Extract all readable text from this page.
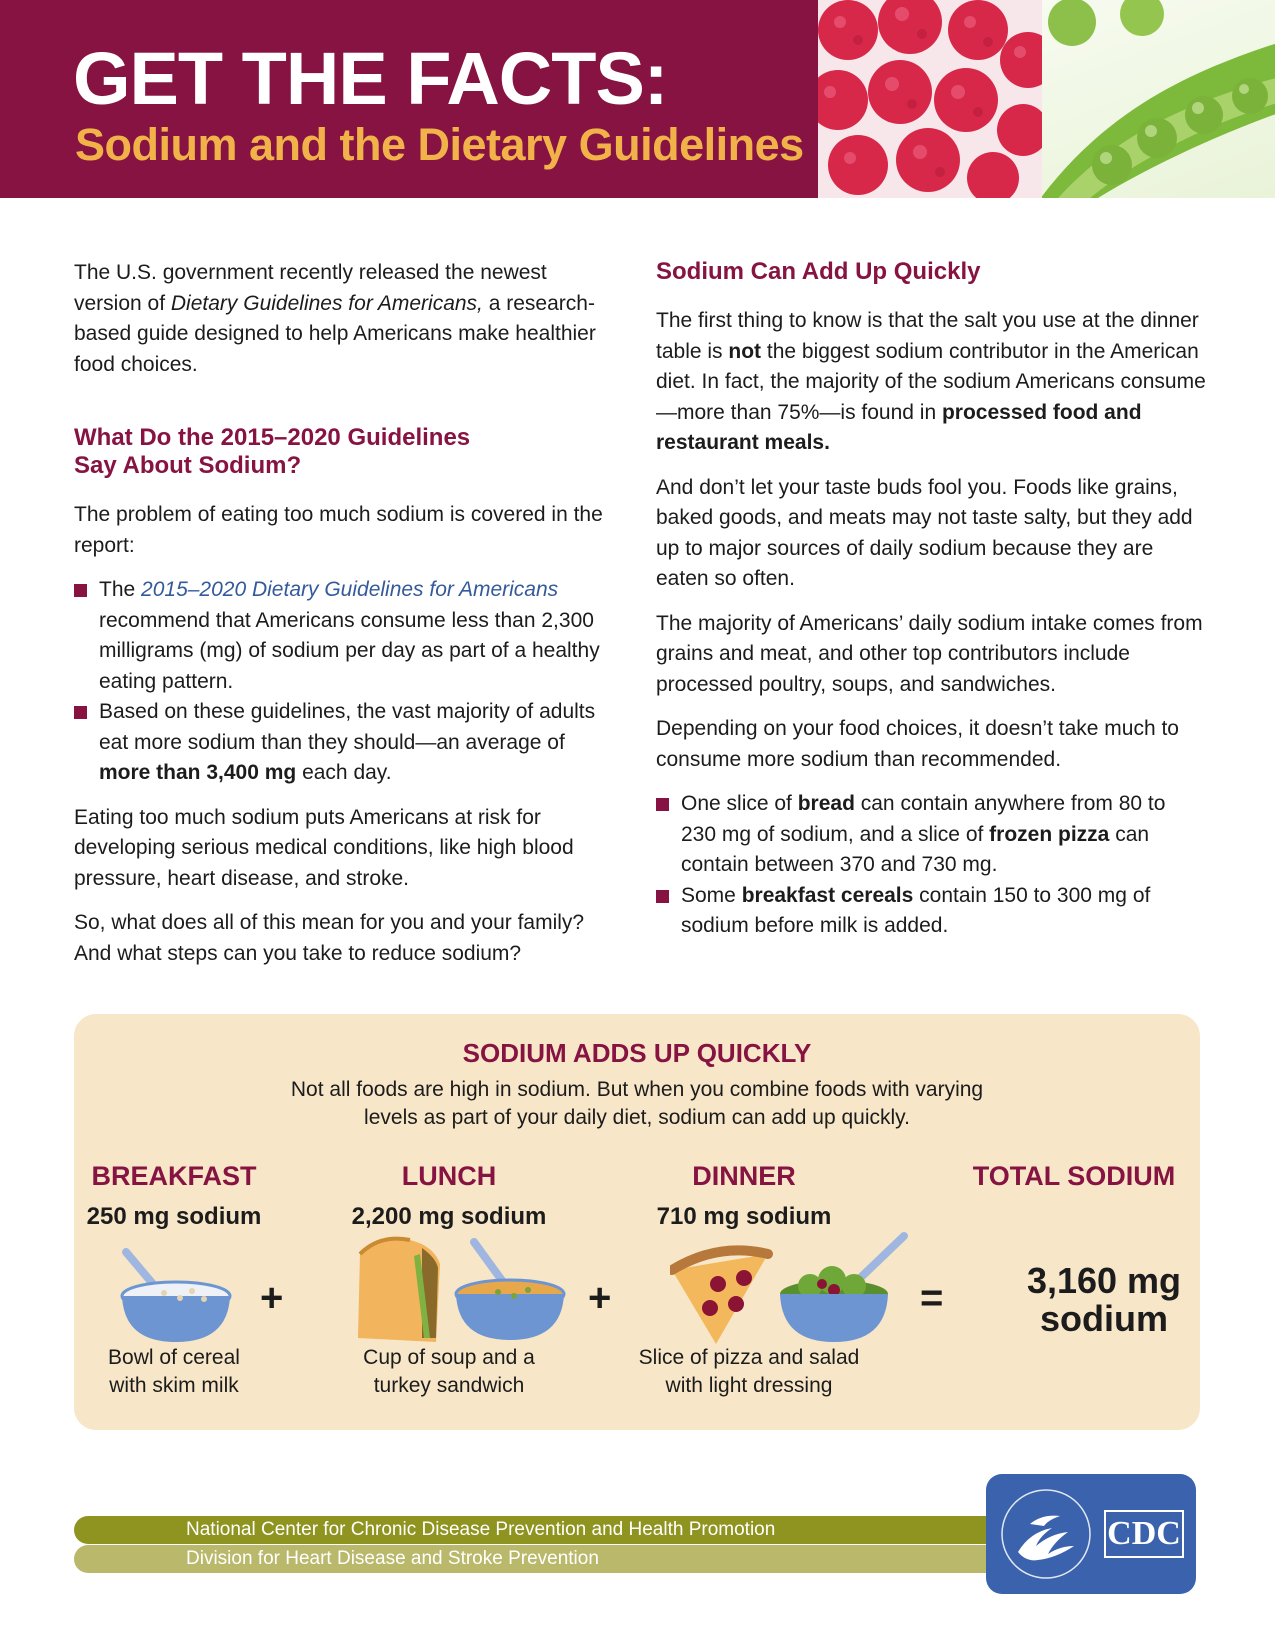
GET THE FACTS:
Sodium and the Dietary Guidelines

The U.S. government recently released the newest version of Dietary Guidelines for Americans, a research-based guide designed to help Americans make healthier food choices.

What Do the 2015–2020 Guidelines
Say About Sodium?

The problem of eating too much sodium is covered in the report:

The 2015–2020 Dietary Guidelines for Americans recommend that Americans consume less than 2,300 milligrams (mg) of sodium per day as part of a healthy eating pattern.
Based on these guidelines, the vast majority of adults eat more sodium than they should—an average of more than 3,400 mg each day.

Eating too much sodium puts Americans at risk for developing serious medical conditions, like high blood pressure, heart disease, and stroke.

So, what does all of this mean for you and your family? And what steps can you take to reduce sodium?

Sodium Can Add Up Quickly

The first thing to know is that the salt you use at the dinner table is not the biggest sodium contributor in the American diet. In fact, the majority of the sodium Americans consume—more than 75%—is found in processed food and restaurant meals.

And don’t let your taste buds fool you. Foods like grains, baked goods, and meats may not taste salty, but they add up to major sources of daily sodium because they are eaten so often.

The majority of Americans’ daily sodium intake comes from grains and meat, and other top contributors include processed poultry, soups, and sandwiches.

Depending on your food choices, it doesn’t take much to consume more sodium than recommended.

One slice of bread can contain anywhere from 80 to 230 mg of sodium, and a slice of frozen pizza can contain between 370 and 730 mg.
Some breakfast cereals contain 150 to 300 mg of sodium before milk is added.
SODIUM ADDS UP QUICKLY

Not all foods are high in sodium. But when you combine foods with varying levels as part of your daily diet, sodium can add up quickly.

BREAKFAST

250 mg sodium

Bowl of cereal
with skim milk

+

LUNCH

2,200 mg sodium

Cup of soup and a
turkey sandwich

+

DINNER

710 mg sodium

Slice of pizza and salad
with light dressing

=

TOTAL SODIUM

3,160 mg
sodium

National Center for Chronic Disease Prevention and Health Promotion

Division for Heart Disease and Stroke Prevention

CDC
